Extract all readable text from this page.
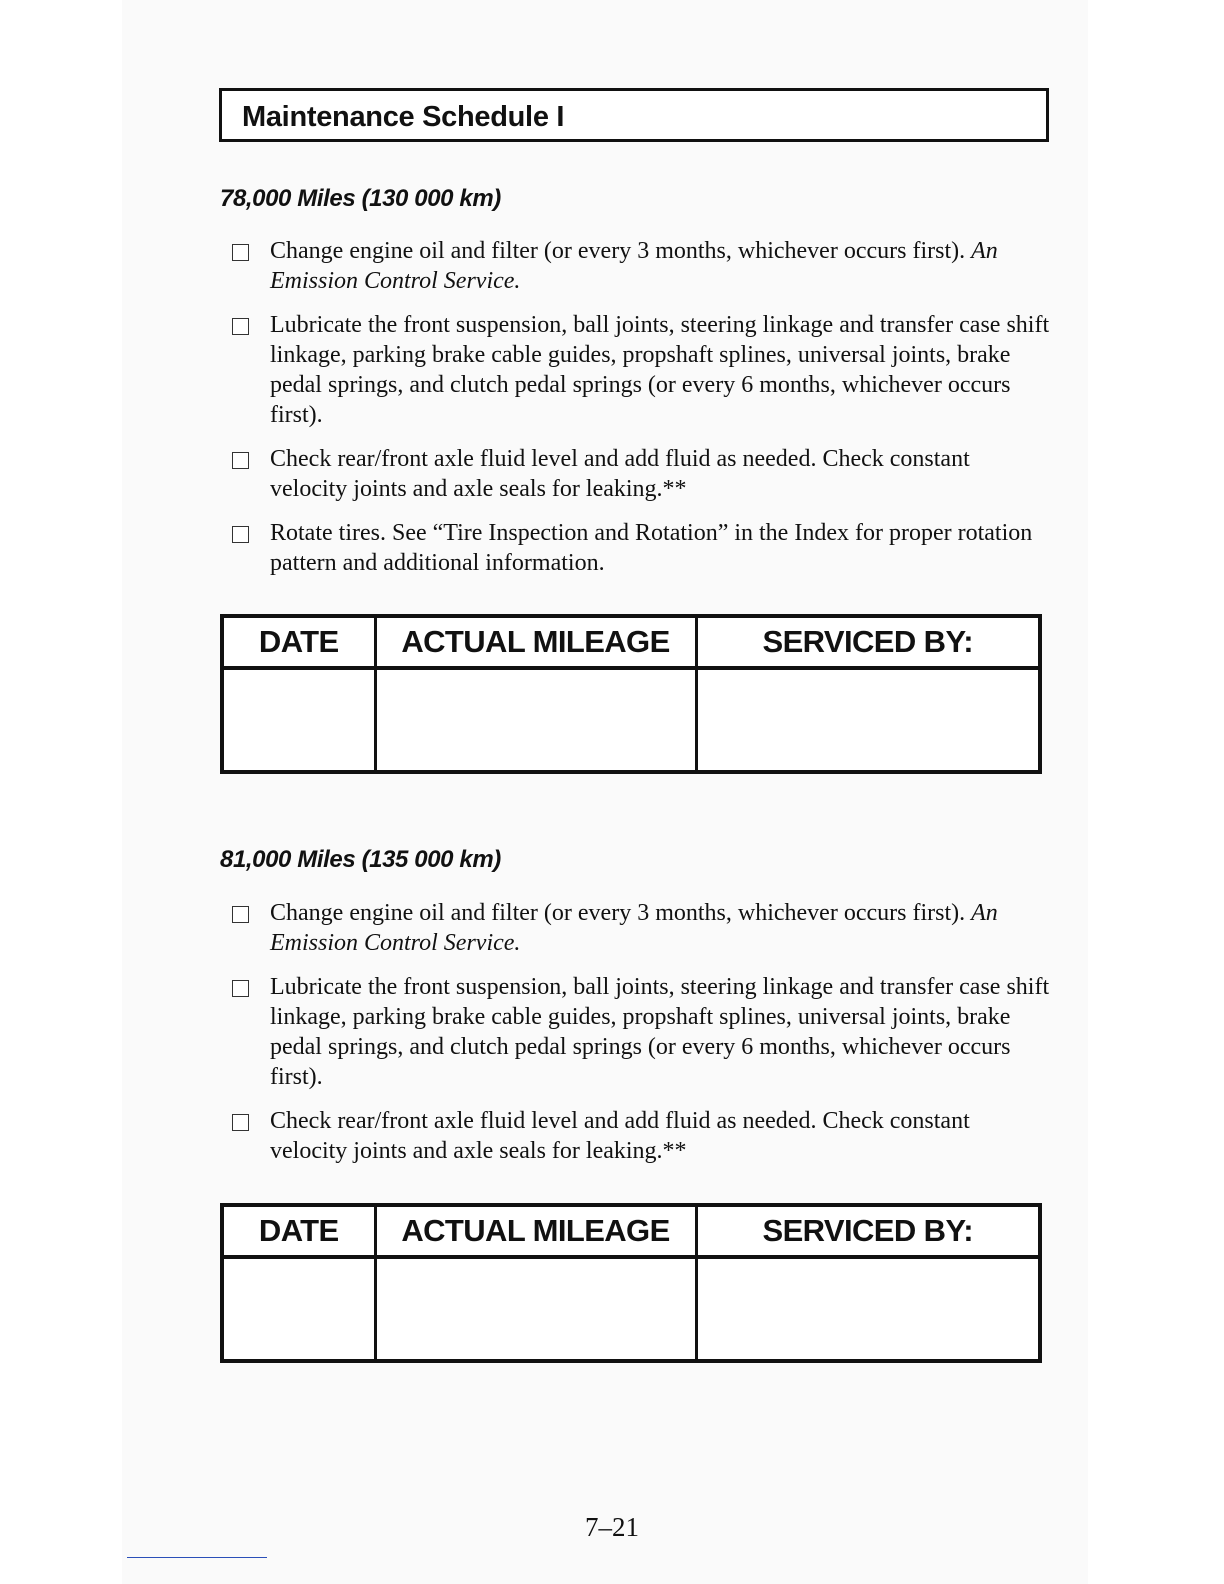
Maintenance Schedule I
78,000 Miles (130 000 km)
Change engine oil and filter (or every 3 months, whichever occurs first). An Emission Control Service.
Lubricate the front suspension, ball joints, steering linkage and transfer case shift linkage, parking brake cable guides, propshaft splines, universal joints, brake pedal springs, and clutch pedal springs (or every 6 months, whichever occurs first).
Check rear/front axle fluid level and add fluid as needed. Check constant velocity joints and axle seals for leaking.**
Rotate tires. See “Tire Inspection and Rotation” in the Index for proper rotation pattern and additional information.
DATE	ACTUAL MILEAGE	SERVICED BY:

81,000 Miles (135 000 km)
Change engine oil and filter (or every 3 months, whichever occurs first). An Emission Control Service.
Lubricate the front suspension, ball joints, steering linkage and transfer case shift linkage, parking brake cable guides, propshaft splines, universal joints, brake pedal springs, and clutch pedal springs (or every 6 months, whichever occurs first).
Check rear/front axle fluid level and add fluid as needed. Check constant velocity joints and axle seals for leaking.**
DATE	ACTUAL MILEAGE	SERVICED BY:

7–21
